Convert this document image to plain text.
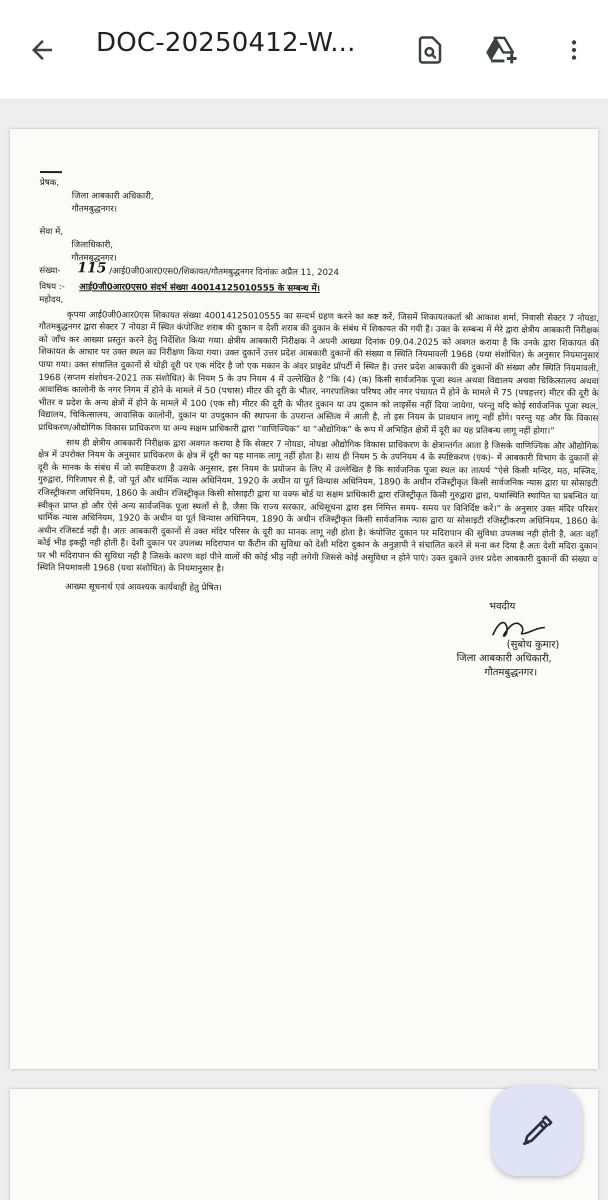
DOC-20250412-W...
प्रेषक,
जिला आबकारी अधिकारी,
गौतमबुद्धनगर।
सेवा में,
जिलाधिकारी,
गौतमबुद्धनगर।
संख्या- 115 /आई0जी0आर0एस0/शिकायत/गौतमबुद्धनगर दिनांकः अप्रैल 11, 2024
विषय :- आई0जी0आर0एस0 संदर्भ संख्या 40014125010555 के सम्बन्ध में।
महोदय,

कृपया आई0जी0आर0एस शिकायत संख्या 40014125010555 का सन्दर्भ ग्रहण करने का कष्ट करें, जिसमें शिकायतकर्ता श्री आकाश शर्मा, निवासी सेक्टर 7 नोयडा, गौतमबुद्धनगर द्वारा सेक्टर 7 नोयडा में स्थित कंपोजिट शराब की दुकान व देशी शराब की दुकान के संबंध में शिकायत की गयी है। उक्त के सम्बन्ध में मेरे द्वारा क्षेत्रीय आबकारी निरीक्षक को जाँच कर आख्या प्रस्तुत करने हेतु निर्देशित किया गया। क्षेत्रीय आबकारी निरीक्षक ने अपनी आख्या दिनांक 09.04.2025 को अवगत कराया है कि उनके द्वारा शिकायत की शिकायत के आधार पर उक्त स्थल का निरीक्षण किया गया। उक्त दुकानें उत्तर प्रदेश आबकारी दुकानों की संख्या व स्थिति नियमावली 1968 (यथा संशोधित) के अनुसार नियमानुसार पाया गया। उक्त संचालित दुकानों से थोड़ी दूरी पर एक मंदिर है जो एक मकान के अंदर प्राइवेट प्रॉपर्टी में स्थित है। उत्तर प्रदेश आबकारी की दुकानों की संख्या और स्थिति नियमावली, 1968 (सप्तम संशोधन-2021 तक संशोधित) के नियम 5 के उप नियम 4 में उल्लेखित है “कि (4) (क) किसी सार्वजनिक पूजा स्थल अथवा विद्यालय अथवा चिकित्सालय अथवा आवासिक कालोनी के नगर निगम में होने के मामले में 50 (पचास) मीटर की दूरी के भीतर, नगरपालिका परिषद और नगर पंचायत में होने के मामले में 75 (पचहत्तर) मीटर की दूरी के भीतर व प्रदेश के अन्य क्षेत्रों में होने के मामले में 100 (एक सौ) मीटर की दूरी के भीतर दुकान या उप दुकान को लाइसेंस नहीं दिया जायेगा, परन्तु यदि कोई सार्वजनिक पूजा स्थल, विद्यालय, चिकित्सालय, आवासिक कालोनी, दुकान या उपदुकान की स्थापना के उपरान्त अस्तित्व में आती है, तो इस नियम के प्रावधान लागू नहीं होंगे। परन्तु यह और कि विकास प्राधिकरण/औद्योगिक विकास प्राधिकरण या अन्य सक्षम प्राधिकारी द्वारा “वाणिज्यिक” या “औद्योगिक” के रूप में अभिहित क्षेत्रों में दूरी का यह प्रतिबन्ध लागू नहीं होगा।”

साथ ही क्षेत्रीय आबकारी निरीक्षक द्वारा अवगत कराया है कि सेक्टर 7 नोयडा, नोयडा औद्योगिक विकास प्राधिकरण के क्षेत्रान्तर्गत आता है जिसके वाणिज्यिक और औद्योगिक क्षेत्र में उपरोक्त नियम के अनुसार प्राधिकरण के क्षेत्र में दूरी का यह मानक लागू नहीं होता है। साथ ही नियम 5 के उपनियम 4 के स्पष्टिकरण (एक)- में आबकारी विभाग के दुकानों से दूरी के मानक के संबंध में जो स्पष्टिकरण है उसके अनुसार, इस नियम के प्रयोजन के लिए में उल्लेखित है कि सार्वजनिक पूजा स्थल का तात्पर्य “ऐसे किसी मन्दिर, मठ, मस्जिद, गुरुद्वारा, गिरिजाघर से है, जो पूर्त और धार्मिक न्यास अधिनियम, 1920 के अधीन या पूर्त विन्यास अधिनियम, 1890 के अधीन रजिस्ट्रीकृत किसी सार्वजनिक न्यास द्वारा या सोसाइटी रजिस्ट्रीकरण अधिनियम, 1860 के अधीन रजिस्ट्रीकृत किसी सोसाइटी द्वारा या वक्फ बोर्ड या सक्षम प्राधिकारी द्वारा रजिस्ट्रीकृत किसी गुरुद्वारा द्वारा, यथास्थिति स्थापित या प्रबन्धित या स्वीकृत प्राप्त हो और ऐसे अन्य सार्वजनिक पूजा स्थलों से है, जैसा कि राज्य सरकार, अधिसूचना द्वारा इस निमित्त समय- समय पर विनिर्दिष्ट करें।” के अनुसार उक्त मंदिर परिसर धार्मिक न्यास अधिनियम, 1920 के अधीन या पूर्त विन्यास अधिनियम, 1890 के अधीन रजिस्ट्रीकृत किसी सार्वजनिक न्यास द्वारा या सोसाइटी रजिस्ट्रीकरण अधिनियम, 1860 के अधीन रजिस्टर्ड नही है। अतः आबकारी दुकानों से उक्त मंदिर परिसर के दूरी का मानक लागू नही होता है। कंपोजिट दुकान पर मदिरापान की सुविधा उपलब्ध नही होती है, अतः वहाँ कोई भीड़ इकट्ठी नही होती है। देशी दुकान पर उपलब्ध मदिरापान या कैंटीन की सुविधा को देशी मदिरा दुकान के अनुज्ञापी ने संचालित करने से मना कर दिया है अतः देशी मदिरा दुकान पर भी मदिरापान की सुविधा नही है जिसके कारण वहां पीने वालों की कोई भीड़ नही लगेगी जिससे कोई असुविधा न होने पाएं। उक्त दुकाने उत्तर प्रदेश आबकारी दुकानों की संख्या व स्थिति नियमावली 1968 (यथा संशोधित) के नियमानुसार है।

आख्या सूचनार्थ एवं आवश्यक कार्यवाही हेतु प्रेषित।

भवदीय
(सुबोध कुमार)
जिला आबकारी अधिकारी,
गौतमबुद्धनगर।
